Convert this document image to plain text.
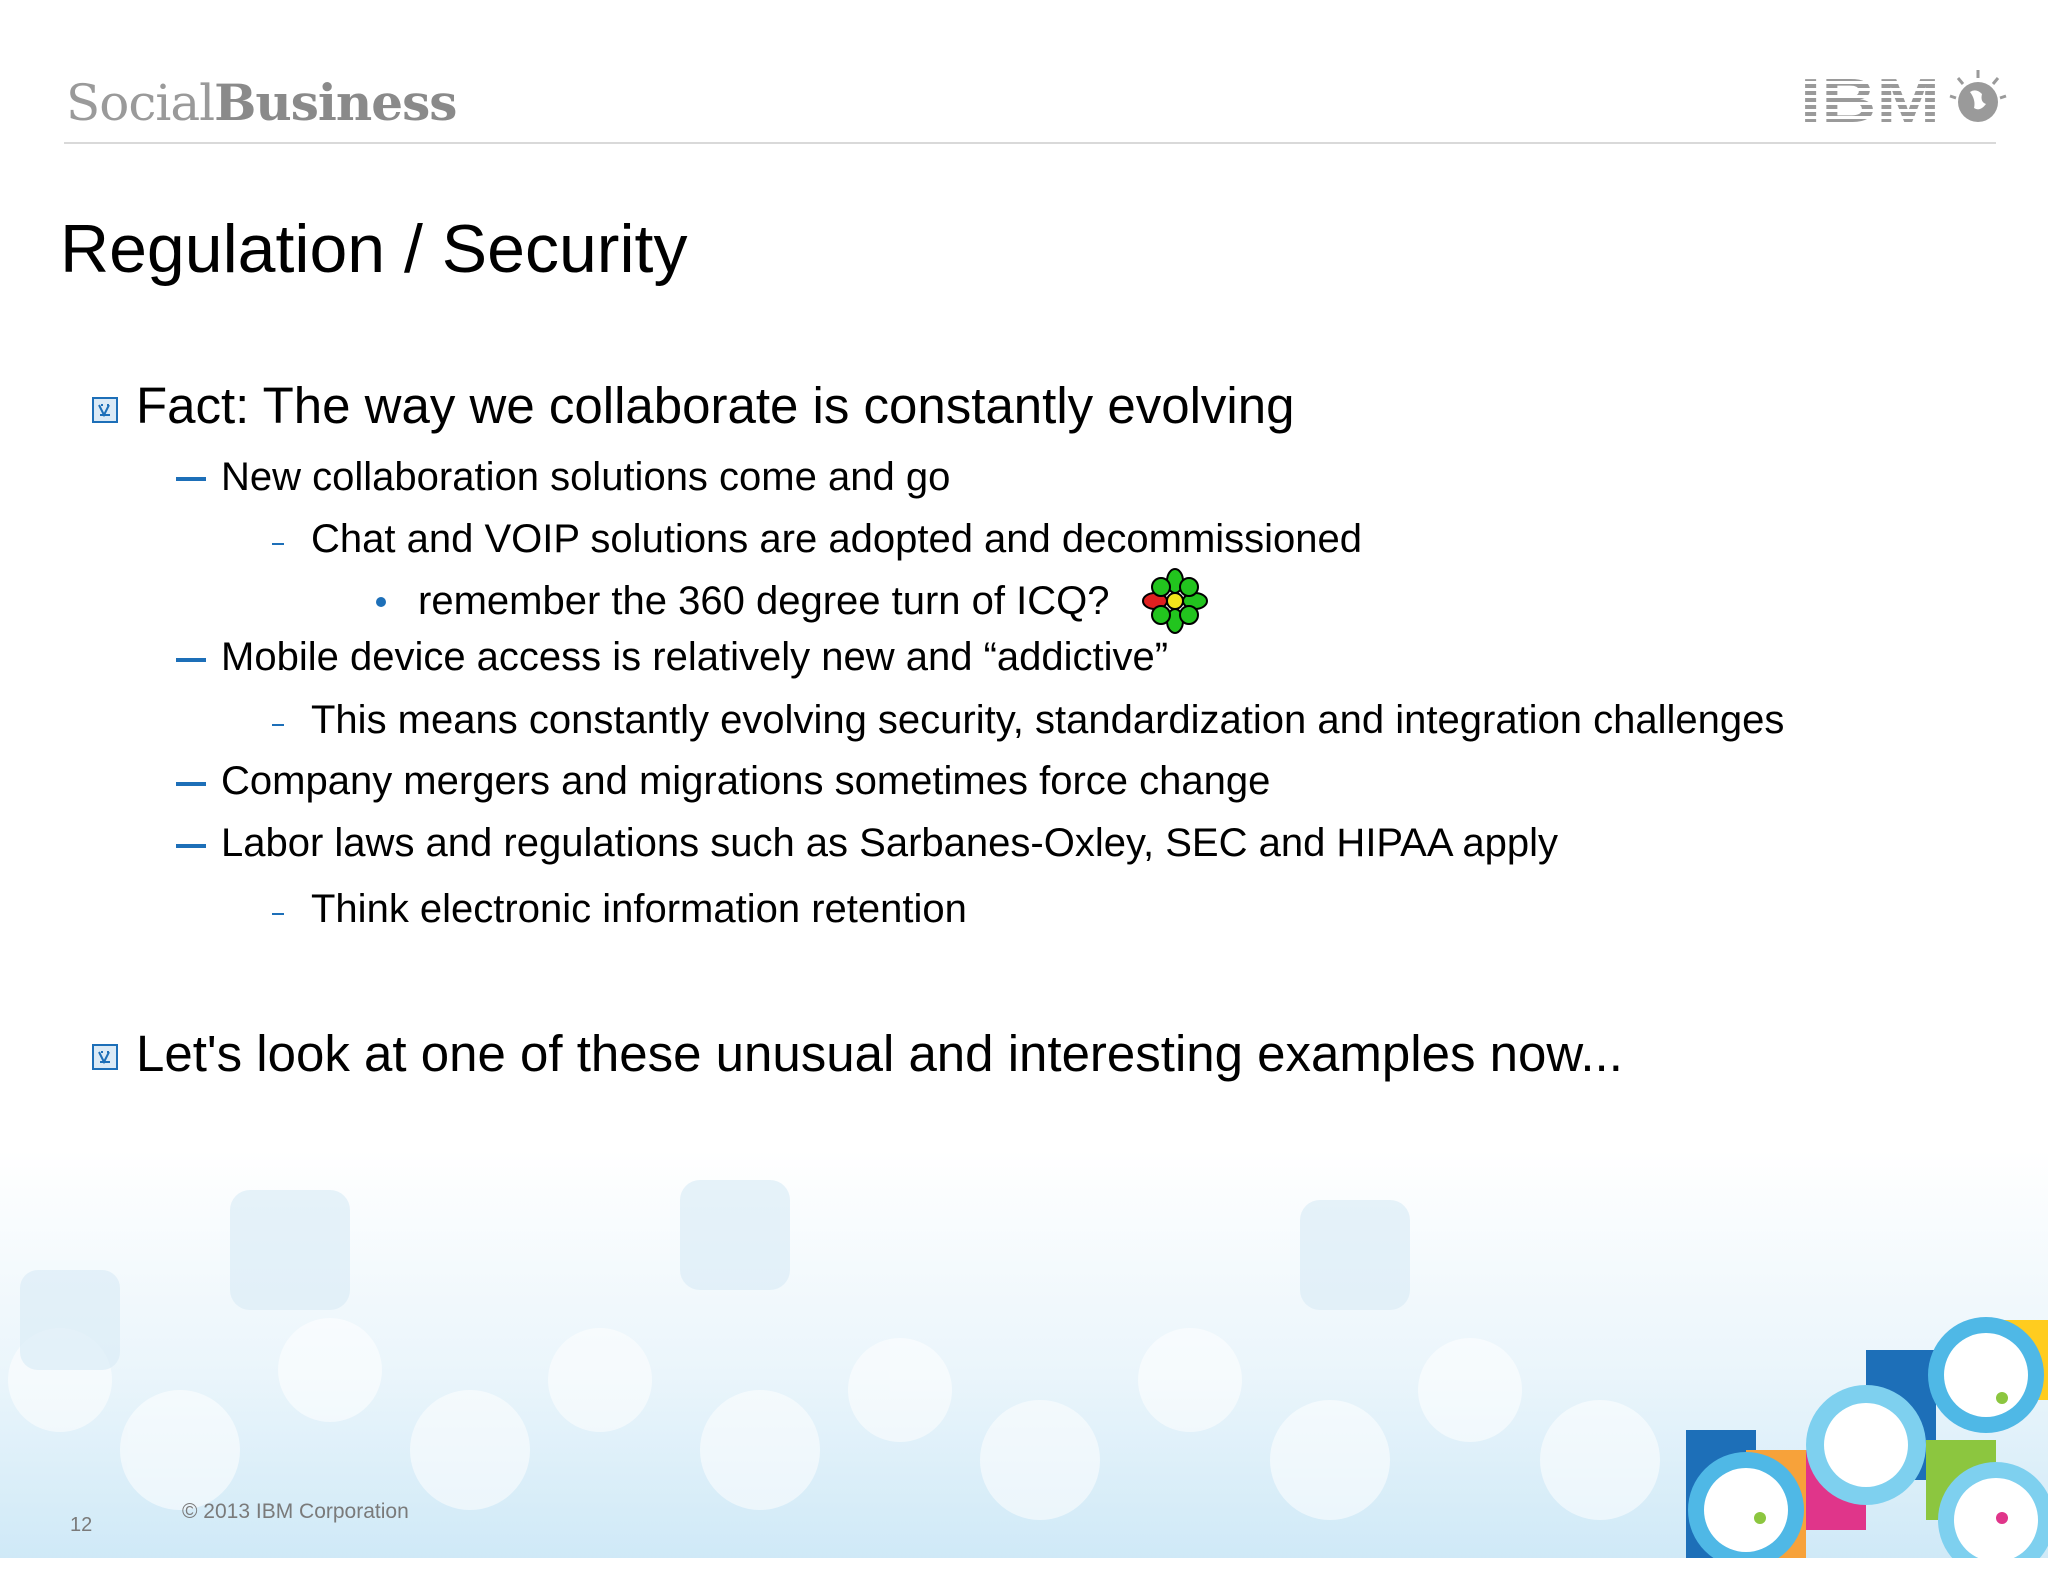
SocialBusiness	IBM
Regulation / Security
Fact: The way we collaborate is constantly evolving
New collaboration solutions come and go
Chat and VOIP solutions are adopted and decommissioned
remember the 360 degree turn of ICQ?
Mobile device access is relatively new and “addictive”
This means constantly evolving security, standardization and integration challenges
Company mergers and migrations sometimes force change
Labor laws and regulations such as Sarbanes-Oxley, SEC and HIPAA apply
Think electronic information retention
Let's look at one of these unusual and interesting examples now...
12
© 2013 IBM Corporation
